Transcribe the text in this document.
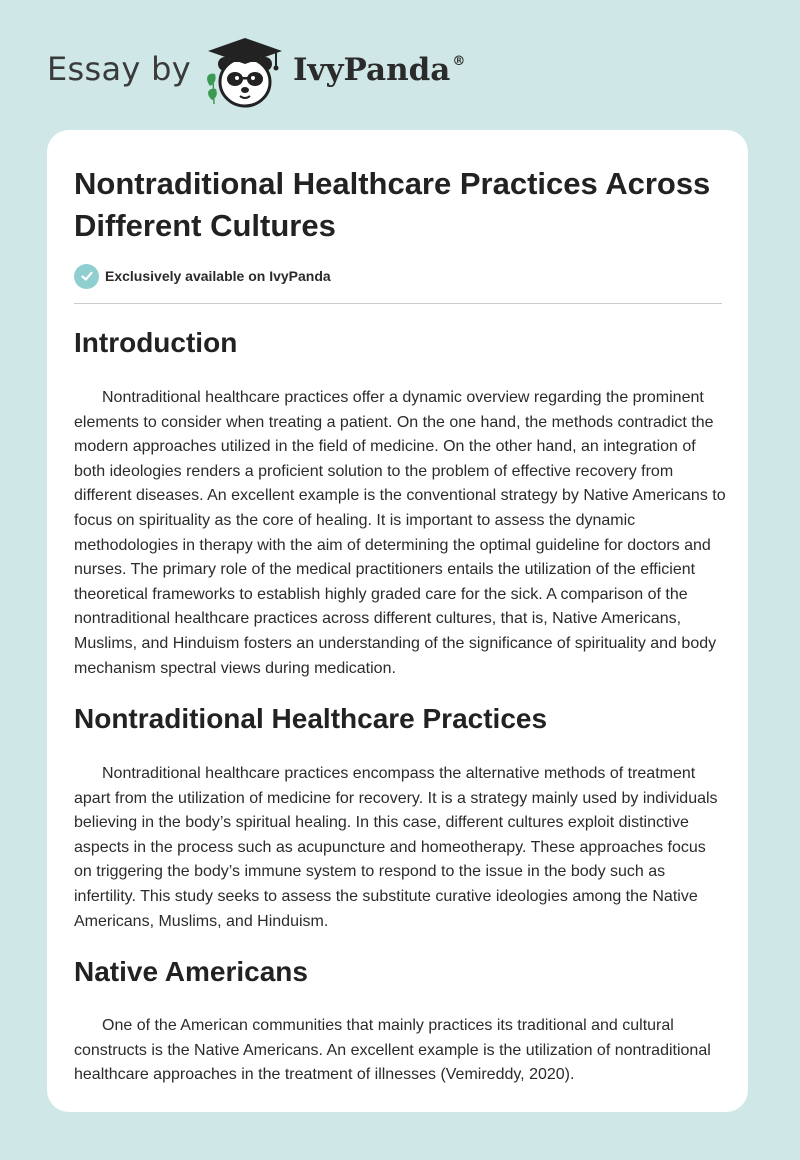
Essay by	IvyPanda ®
Nontraditional Healthcare Practices Across Different Cultures
Exclusively available on IvyPanda
Introduction

Nontraditional healthcare practices offer a dynamic overview regarding the prominent elements to consider when treating a patient. On the one hand, the methods contradict the modern approaches utilized in the field of medicine. On the other hand, an integration of both ideologies renders a proficient solution to the problem of effective recovery from different diseases. An excellent example is the conventional strategy by Native Americans to focus on spirituality as the core of healing. It is important to assess the dynamic methodologies in therapy with the aim of determining the optimal guideline for doctors and nurses. The primary role of the medical practitioners entails the utilization of the efficient theoretical frameworks to establish highly graded care for the sick. A comparison of the nontraditional healthcare practices across different cultures, that is, Native Americans, Muslims, and Hinduism fosters an understanding of the significance of spirituality and body mechanism spectral views during medication.

Nontraditional Healthcare Practices

Nontraditional healthcare practices encompass the alternative methods of treatment apart from the utilization of medicine for recovery. It is a strategy mainly used by individuals believing in the body’s spiritual healing. In this case, different cultures exploit distinctive aspects in the process such as acupuncture and homeotherapy. These approaches focus on triggering the body’s immune system to respond to the issue in the body such as infertility. This study seeks to assess the substitute curative ideologies among the Native Americans, Muslims, and Hinduism.

Native Americans

One of the American communities that mainly practices its traditional and cultural constructs is the Native Americans. An excellent example is the utilization of nontraditional healthcare approaches in the treatment of illnesses (Vemireddy, 2020).
